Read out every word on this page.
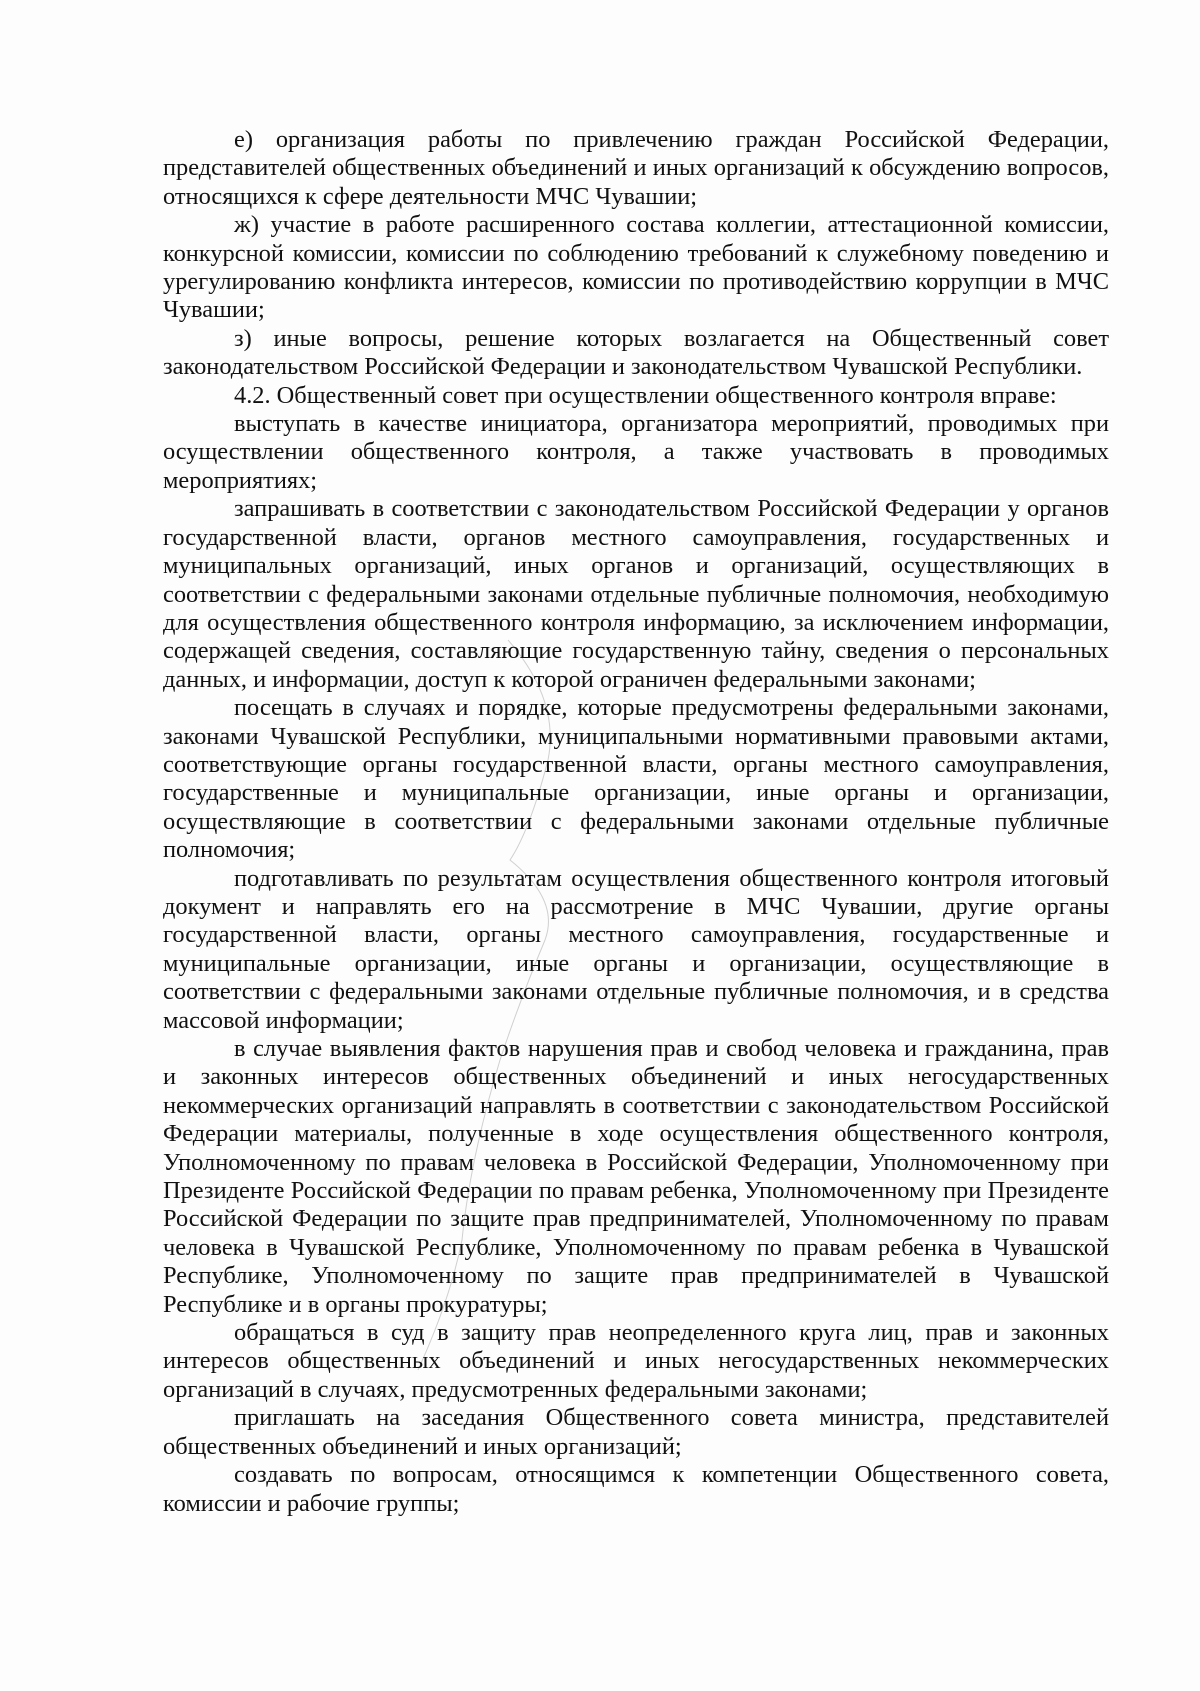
е) организация работы по привлечению граждан Российской Федерации, представителей общественных объединений и иных организаций к обсуждению вопросов, относящихся к сфере деятельности МЧС Чувашии;

ж) участие в работе расширенного состава коллегии, аттестационной комиссии, конкурсной комиссии, комиссии по соблюдению требований к служебному поведению и урегулированию конфликта интересов, комиссии по противодействию коррупции в МЧС Чувашии;

з) иные вопросы, решение которых возлагается на Общественный совет законодательством Российской Федерации и законодательством Чувашской Республики.

4.2. Общественный совет при осуществлении общественного контроля вправе:

выступать в качестве инициатора, организатора мероприятий, проводимых при осуществлении общественного контроля, а также участвовать в проводимых мероприятиях;

запрашивать в соответствии с законодательством Российской Федерации у органов государственной власти, органов местного самоуправления, государственных и муниципальных организаций, иных органов и организаций, осуществляющих в соответствии с федеральными законами отдельные публичные полномочия, необходимую для осуществления общественного контроля информацию, за исключением информации, содержащей сведения, составляющие государственную тайну, сведения о персональных данных, и информации, доступ к которой ограничен федеральными законами;

посещать в случаях и порядке, которые предусмотрены федеральными законами, законами Чувашской Республики, муниципальными нормативными правовыми актами, соответствующие органы государственной власти, органы местного самоуправления, государственные и муниципальные организации, иные органы и организации, осуществляющие в соответствии с федеральными законами отдельные публичные полномочия;

подготавливать по результатам осуществления общественного контроля итоговый документ и направлять его на рассмотрение в МЧС Чувашии, другие органы государственной власти, органы местного самоуправления, государственные и муниципальные организации, иные органы и организации, осуществляющие в соответствии с федеральными законами отдельные публичные полномочия, и в средства массовой информации;

в случае выявления фактов нарушения прав и свобод человека и гражданина, прав и законных интересов общественных объединений и иных негосударственных некоммерческих организаций направлять в соответствии с законодательством Российской Федерации материалы, полученные в ходе осуществления общественного контроля, Уполномоченному по правам человека в Российской Федерации, Уполномоченному при Президенте Российской Федерации по правам ребенка, Уполномоченному при Президенте Российской Федерации по защите прав предпринимателей, Уполномоченному по правам человека в Чувашской Республике, Уполномоченному по правам ребенка в Чувашской Республике, Уполномоченному по защите прав предпринимателей в Чувашской Республике и в органы прокуратуры;

обращаться в суд в защиту прав неопределенного круга лиц, прав и законных интересов общественных объединений и иных негосударственных некоммерческих организаций в случаях, предусмотренных федеральными законами;

приглашать на заседания Общественного совета министра, представителей общественных объединений и иных организаций;

создавать по вопросам, относящимся к компетенции Общественного совета, комиссии и рабочие группы;
